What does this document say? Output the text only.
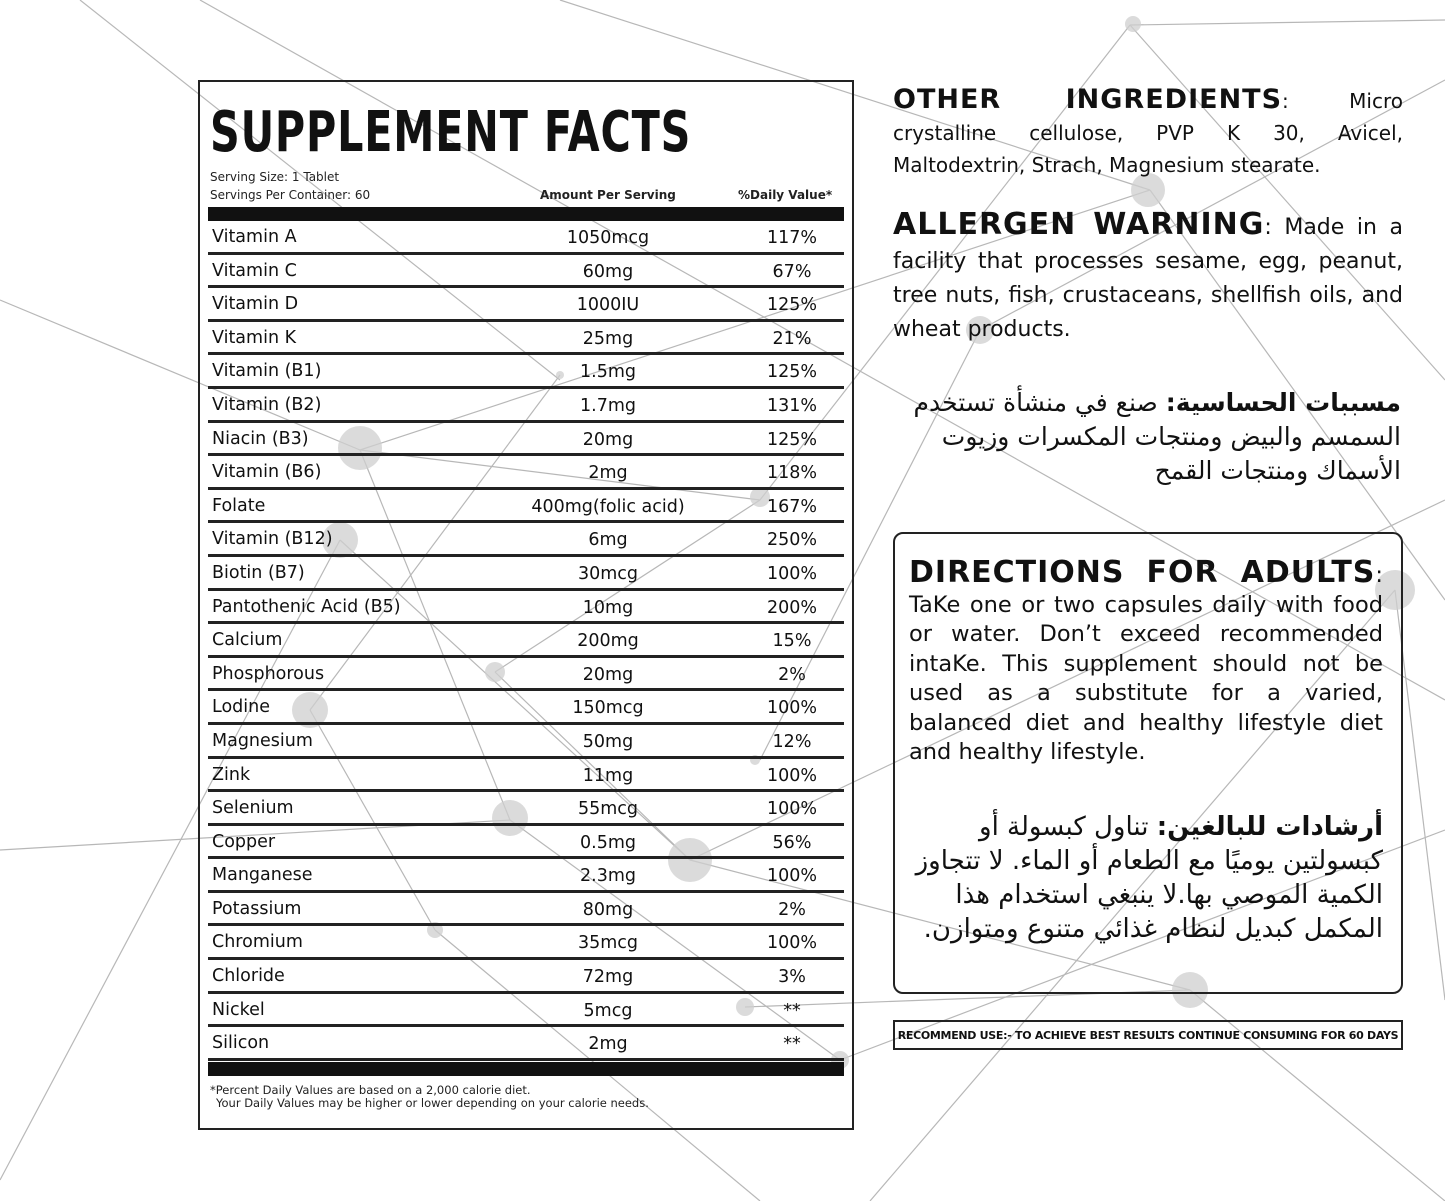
SUPPLEMENT FACTS
Serving Size: 1 Tablet
Servings Per Container: 60	Amount Per Serving	%Daily Value*
Vitamin A	1050mcg	117%
Vitamin C	60mg	67%
Vitamin D	1000IU	125%
Vitamin K	25mg	21%
Vitamin (B1)	1.5mg	125%
Vitamin (B2)	1.7mg	131%
Niacin (B3)	20mg	125%
Vitamin (B6)	2mg	118%
Folate	400mg(folic acid)	167%
Vitamin (B12)	6mg	250%
Biotin (B7)	30mcg	100%
Pantothenic Acid (B5)	10mg	200%
Calcium	200mg	15%
Phosphorous	20mg	2%
Lodine	150mcg	100%
Magnesium	50mg	12%
Zink	11mg	100%
Selenium	55mcg	100%
Copper	0.5mg	56%
Manganese	2.3mg	100%
Potassium	80mg	2%
Chromium	35mcg	100%
Chloride	72mg	3%
Nickel	5mcg	**
Silicon	2mg	**
*Percent Daily Values are based on a 2,000 calorie diet.
Your Daily Values may be higher or lower depending on your calorie needs.
OTHER INGREDIENTS: Micro crystalline cellulose, PVP K 30, Avicel, Maltodextrin, Strach, Magnesium stearate.
ALLERGEN WARNING: Made in a facility that processes sesame, egg, peanut, tree nuts, fish, crustaceans, shellfish oils, and wheat products.
مسببات الحساسية: صنع في منشأة تستخدم السمسم والبيض ومنتجات المكسرات وزيوت الأسماك ومنتجات القمح
DIRECTIONS FOR ADULTS: TaKe one or two capsules daily with food or water. Don’t exceed recommended intaKe. This supplement should not be used as a substitute for a varied, balanced diet and healthy lifestyle diet and healthy lifestyle.
أرشادات للبالغين: تناول كبسولة أو كبسولتين يوميًا مع الطعام أو الماء. لا تتجاوز الكمية الموصي بها.لا ينبغي استخدام هذا المكمل كبديل لنظام غذائي متنوع ومتوازن.
RECOMMEND USE:- TO ACHIEVE BEST RESULTS CONTINUE CONSUMING FOR 60 DAYS
